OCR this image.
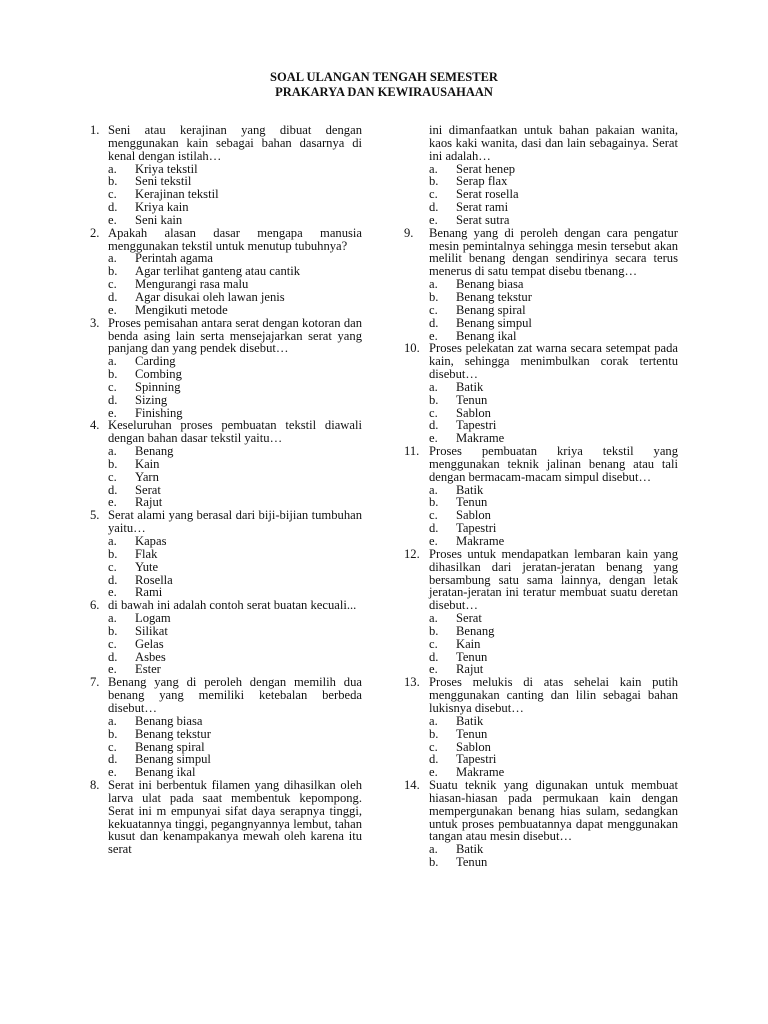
SOAL ULANGAN TENGAH SEMESTER
PRAKARYA DAN KEWIRAUSAHAAN
1. Seni atau kerajinan yang dibuat dengan menggunakan kain sebagai bahan dasarnya di kenal dengan istilah…
a. Kriya tekstil
b. Seni tekstil
c. Kerajinan tekstil
d. Kriya kain
e. Seni kain
2. Apakah alasan dasar mengapa manusia menggunakan tekstil untuk menutup tubuhnya?
a. Perintah agama
b. Agar terlihat ganteng atau cantik
c. Mengurangi rasa malu
d. Agar disukai oleh lawan jenis
e. Mengikuti metode
3. Proses pemisahan antara serat dengan kotoran dan benda asing lain serta mensejajarkan serat yang panjang dan yang pendek disebut…
a. Carding
b. Combing
c. Spinning
d. Sizing
e. Finishing
4. Keseluruhan proses pembuatan tekstil diawali dengan bahan dasar tekstil yaitu…
a. Benang
b. Kain
c. Yarn
d. Serat
e. Rajut
5. Serat alami yang berasal dari biji-bijian tumbuhan yaitu…
a. Kapas
b. Flak
c. Yute
d. Rosella
e. Rami
6. di bawah ini adalah contoh serat buatan kecuali...
a. Logam
b. Silikat
c. Gelas
d. Asbes
e. Ester
7. Benang yang di peroleh dengan memilih dua benang yang memiliki ketebalan berbeda disebut…
a. Benang biasa
b. Benang tekstur
c. Benang spiral
d. Benang simpul
e. Benang ikal
8. Serat ini berbentuk filamen yang dihasilkan oleh larva ulat pada saat membentuk kepompong. Serat ini m empunyai sifat daya serapnya tinggi, kekuatannya tinggi, pegangnyannya lembut, tahan kusut dan kenampakanya mewah oleh karena itu serat
ini dimanfaatkan untuk bahan pakaian wanita, kaos kaki wanita, dasi dan lain sebagainya. Serat ini adalah…
a. Serat henep
b. Serap flax
c. Serat rosella
d. Serat rami
e. Serat sutra
9. Benang yang di peroleh dengan cara pengatur mesin pemintalnya sehingga mesin tersebut akan melilit benang dengan sendirinya secara terus menerus di satu tempat disebu tbenang…
a. Benang biasa
b. Benang tekstur
c. Benang spiral
d. Benang simpul
e. Benang ikal
10. Proses pelekatan zat warna secara setempat pada kain, sehingga menimbulkan corak tertentu disebut…
a. Batik
b. Tenun
c. Sablon
d. Tapestri
e. Makrame
11. Proses pembuatan kriya tekstil yang menggunakan teknik jalinan benang atau tali dengan bermacam-macam simpul disebut…
a. Batik
b. Tenun
c. Sablon
d. Tapestri
e. Makrame
12. Proses untuk mendapatkan lembaran kain yang dihasilkan dari jeratan-jeratan benang yang bersambung satu sama lainnya, dengan letak jeratan-jeratan ini teratur membuat suatu deretan disebut…
a. Serat
b. Benang
c. Kain
d. Tenun
e. Rajut
13. Proses melukis di atas sehelai kain putih menggunakan canting dan lilin sebagai bahan lukisnya disebut…
a. Batik
b. Tenun
c. Sablon
d. Tapestri
e. Makrame
14. Suatu teknik yang digunakan untuk membuat hiasan-hiasan pada permukaan kain dengan mempergunakan benang hias sulam, sedangkan untuk proses pembuatannya dapat menggunakan tangan atau mesin disebut…
a. Batik
b. Tenun
